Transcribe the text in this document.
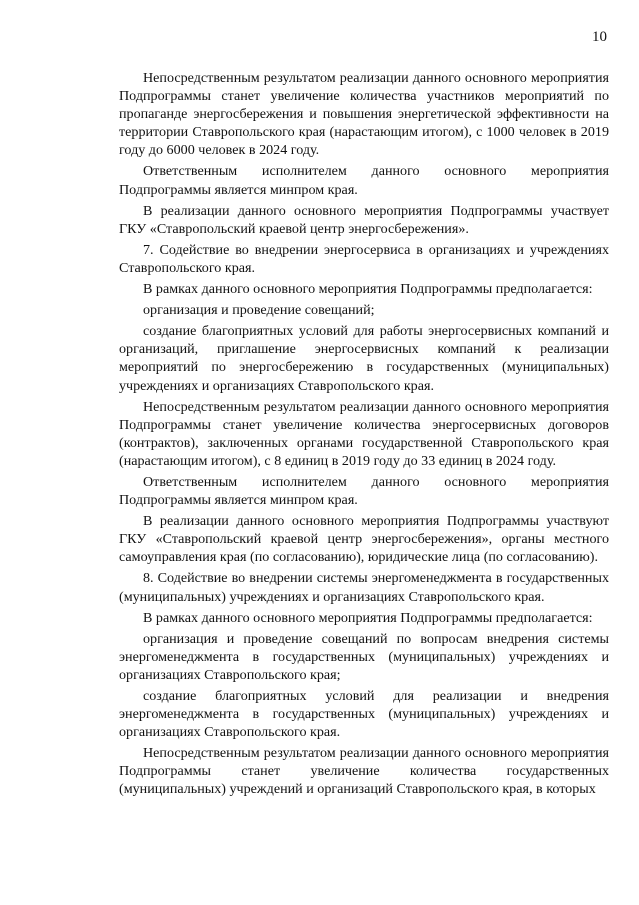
10

Непосредственным результатом реализации данного основного мероприятия Подпрограммы станет увеличение количества участников мероприятий по пропаганде энергосбережения и повышения энергетической эффективности на территории Ставропольского края (нарастающим итогом), с 1000 человек в 2019 году до 6000 человек в 2024 году.

Ответственным исполнителем данного основного мероприятия Подпрограммы является минпром края.

В реализации данного основного мероприятия Подпрограммы участвует ГКУ «Ставропольский краевой центр энергосбережения».

7. Содействие во внедрении энергосервиса в организациях и учреждениях Ставропольского края.

В рамках данного основного мероприятия Подпрограммы предполагается:

организация и проведение совещаний;

создание благоприятных условий для работы энергосервисных компаний и организаций, приглашение энергосервисных компаний к реализации мероприятий по энергосбережению в государственных (муниципальных) учреждениях и организациях Ставропольского края.

Непосредственным результатом реализации данного основного мероприятия Подпрограммы станет увеличение количества энергосервисных договоров (контрактов), заключенных органами государственной Ставропольского края (нарастающим итогом), с 8 единиц в 2019 году до 33 единиц в 2024 году.

Ответственным исполнителем данного основного мероприятия Подпрограммы является минпром края.

В реализации данного основного мероприятия Подпрограммы участвуют ГКУ «Ставропольский краевой центр энергосбережения», органы местного самоуправления края (по согласованию), юридические лица (по согласованию).

8. Содействие во внедрении системы энергоменеджмента в государственных (муниципальных) учреждениях и организациях Ставропольского края.

В рамках данного основного мероприятия Подпрограммы предполагается:

организация и проведение совещаний по вопросам внедрения системы энергоменеджмента в государственных (муниципальных) учреждениях и организациях Ставропольского края;

создание благоприятных условий для реализации и внедрения энергоменеджмента в государственных (муниципальных) учреждениях и организациях Ставропольского края.

Непосредственным результатом реализации данного основного мероприятия Подпрограммы станет увеличение количества государственных (муниципальных) учреждений и организаций Ставропольского края, в которых
